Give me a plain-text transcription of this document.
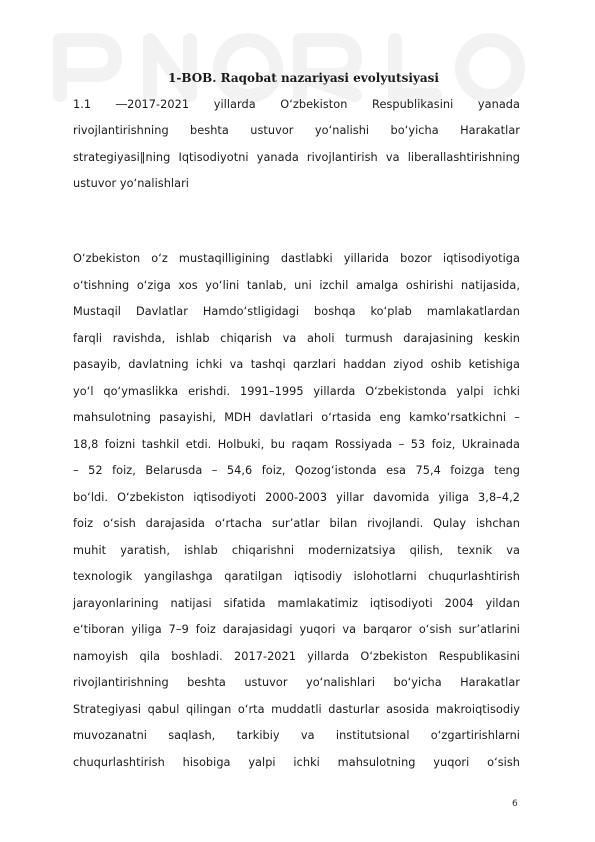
1-BOB. Raqobat nazariyasi evolyutsiyasi
1.1 ―2017-2021 yillarda O‘zbekiston Respublikasini yanada
rivojlantirishning beshta ustuvor yo‘nalishi bo‘yicha Harakatlar
strategiyasi‖ning Iqtisodiyotni yanada rivojlantirish va liberallashtirishning
ustuvor yo‘nalishlari
O‘zbekiston o‘z mustaqilligining dastlabki yillarida bozor iqtisodiyotiga
o‘tishning o‘ziga xos yo‘lini tanlab, uni izchil amalga oshirishi natijasida,
Mustaqil Davlatlar Hamdo‘stligidagi boshqa ko‘plab mamlakatlardan
farqli ravishda, ishlab chiqarish va aholi turmush darajasining keskin
pasayib, davlatning ichki va tashqi qarzlari haddan ziyod oshib ketishiga
yo‘l qo‘ymaslikka erishdi. 1991–1995 yillarda O‘zbekistonda yalpi ichki
mahsulotning pasayishi, MDH davlatlari o‘rtasida eng kamko‘rsatkichni –
18,8 foizni tashkil etdi. Holbuki, bu raqam Rossiyada – 53 foiz, Ukrainada
– 52 foiz, Belarusda – 54,6 foiz, Qozog‘istonda esa 75,4 foizga teng
bo‘ldi. O‘zbekiston iqtisodiyoti 2000-2003 yillar davomida yiliga 3,8–4,2
foiz o‘sish darajasida o‘rtacha sur’atlar bilan rivojlandi. Qulay ishchan
muhit yaratish, ishlab chiqarishni modernizatsiya qilish, texnik va
texnologik yangilashga qaratilgan iqtisodiy islohotlarni chuqurlashtirish
jarayonlarining natijasi sifatida mamlakatimiz iqtisodiyoti 2004 yildan
e‘tiboran yiliga 7–9 foiz darajasidagi yuqori va barqaror o‘sish sur’atlarini
namoyish qila boshladi. 2017-2021 yillarda O‘zbekiston Respublikasini
rivojlantirishning beshta ustuvor yo‘nalishlari bo‘yicha Harakatlar
Strategiyasi qabul qilingan o‘rta muddatli dasturlar asosida makroiqtisodiy
muvozanatni saqlash, tarkibiy va institutsional o‘zgartirishlarni
chuqurlashtirish hisobiga yalpi ichki mahsulotning yuqori o‘sish
6
